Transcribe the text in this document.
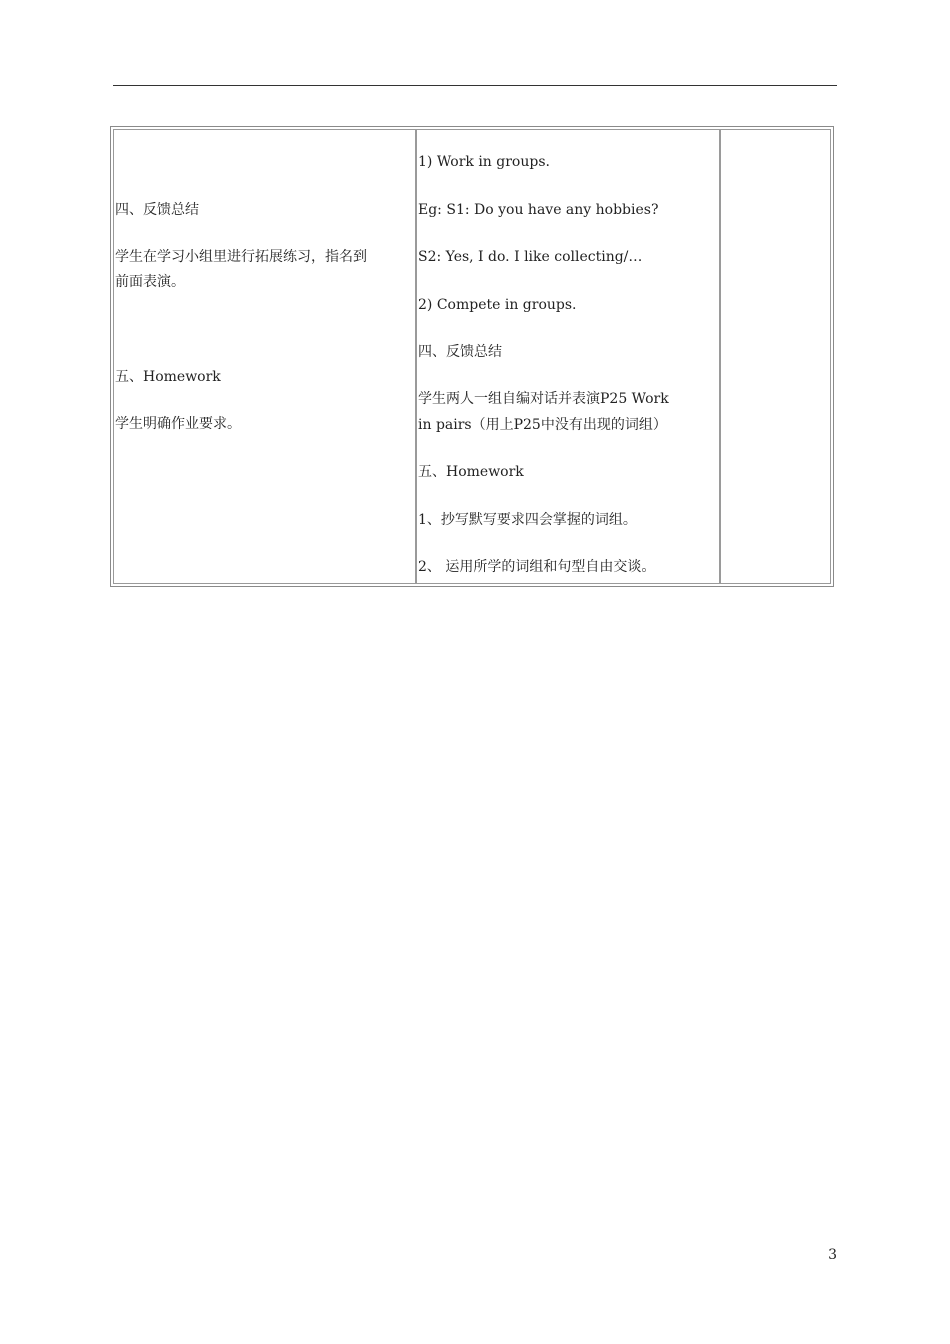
四、反馈总结
学生在学习小组里进行拓展练习，指名到
前面表演。
五、Homework
学生明确作业要求。

1) Work in groups.
Eg: S1: Do you have any hobbies?
S2: Yes, I do. I like collecting/…
2) Compete in groups.
四、反馈总结
学生两人一组自编对话并表演P25 Work
in pairs（用上P25中没有出现的词组）
五、Homework
1、抄写默写要求四会掌握的词组。
2、 运用所学的词组和句型自由交谈。

3
